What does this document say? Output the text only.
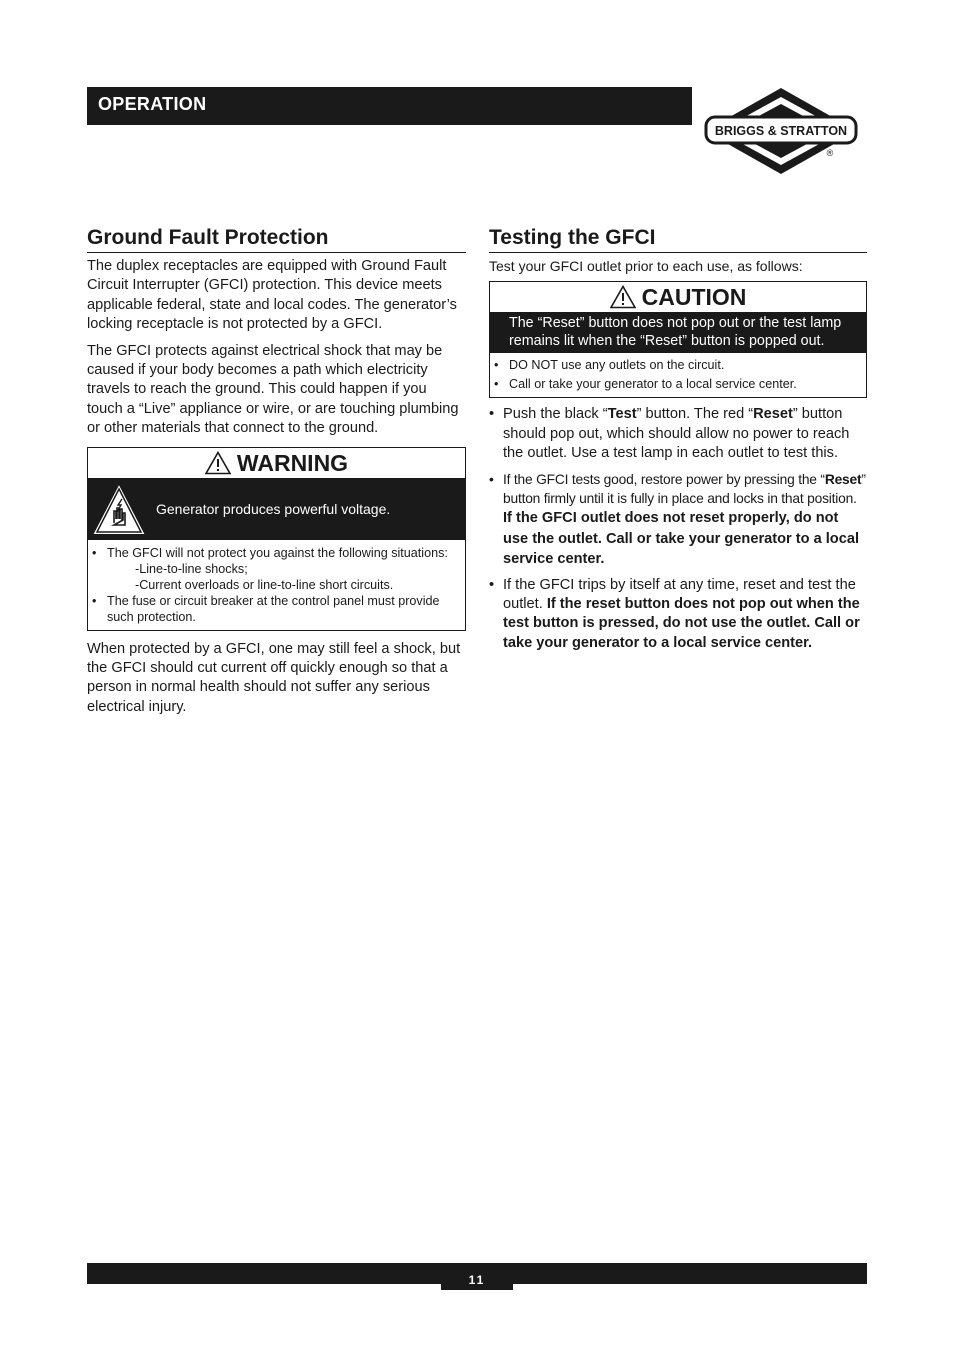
OPERATION
BRIGGS & STRATTON
®
Ground Fault Protection

The duplex receptacles are equipped with Ground Fault Circuit Interrupter (GFCI) protection. This device meets applicable federal, state and local codes. The generator’s locking receptacle is not protected by a GFCI.

The GFCI protects against electrical shock that may be caused if your body becomes a path which electricity travels to reach the ground. This could happen if you touch a “Live” appliance or wire, or are touching plumbing or other materials that connect to the ground.

WARNING
Generator produces powerful voltage.
• The GFCI will not protect you against the following situations:
-Line-to-line shocks;
-Current overloads or line-to-line short circuits.
• The fuse or circuit breaker at the control panel must provide such protection.

When protected by a GFCI, one may still feel a shock, but the GFCI should cut current off quickly enough so that a person in normal health should not suffer any serious electrical injury.

Testing the GFCI

Test your GFCI outlet prior to each use, as follows:

CAUTION
The “Reset” button does not pop out or the test lamp remains lit when the “Reset” button is popped out.
• DO NOT use any outlets on the circuit.
• Call or take your generator to a local service center.
• Push the black “Test” button. The red “Reset” button should pop out, which should allow no power to reach the outlet. Use a test lamp in each outlet to test this.
• If the GFCI tests good, restore power by pressing the “Reset” button firmly until it is fully in place and locks in that position. If the GFCI outlet does not reset properly, do not use the outlet. Call or take your generator to a local service center.
• If the GFCI trips by itself at any time, reset and test the outlet. If the reset button does not pop out when the test button is pressed, do not use the outlet. Call or take your generator to a local service center.
11
